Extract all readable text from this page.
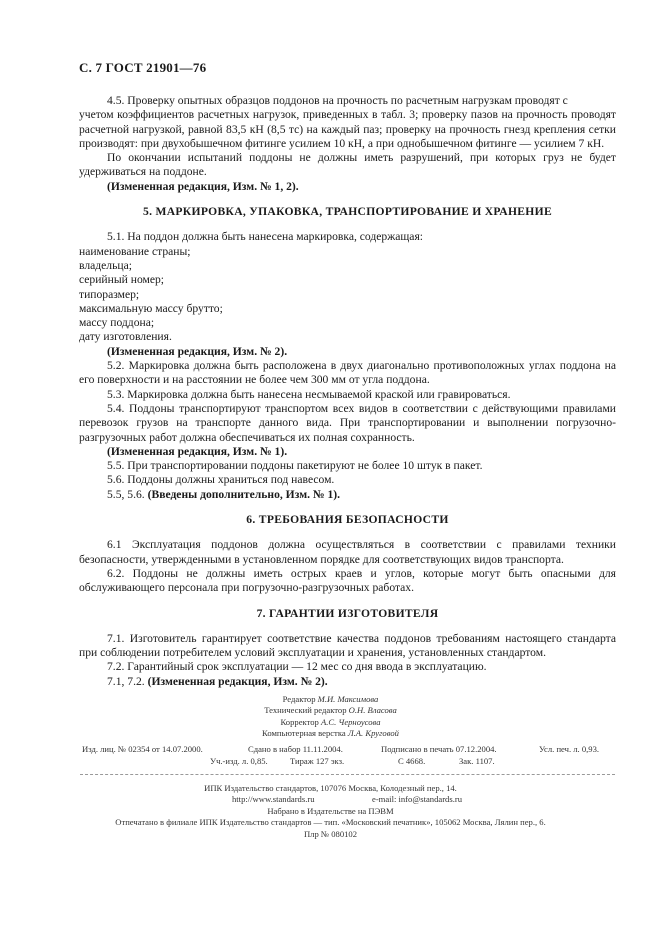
С. 7 ГОСТ 21901—76

4.5. Проверку опытных образцов поддонов на прочность по расчетным нагрузкам проводят с

учетом коэффициентов расчетных нагрузок, приведенных в табл. 3; проверку пазов на прочность проводят расчетной нагрузкой, равной 83,5 кН (8,5 тс) на каждый паз; проверку на прочность гнезд крепления сетки производят: при двухобышечном фитинге усилием 10 кН, а при однобышечном фитинге — усилием 7 кН.

По окончании испытаний поддоны не должны иметь разрушений, при которых груз не будет удерживаться на поддоне.

(Измененная редакция, Изм. № 1, 2).

5. МАРКИРОВКА, УПАКОВКА, ТРАНСПОРТИРОВАНИЕ И ХРАНЕНИЕ

5.1. На поддон должна быть нанесена маркировка, содержащая:

наименование страны;

владельца;

серийный номер;

типоразмер;

максимальную массу брутто;

массу поддона;

дату изготовления.

(Измененная редакция, Изм. № 2).

5.2. Маркировка должна быть расположена в двух диагонально противоположных углах поддона на его поверхности и на расстоянии не более чем 300 мм от угла поддона.

5.3. Маркировка должна быть нанесена несмываемой краской или гравироваться.

5.4. Поддоны транспортируют транспортом всех видов в соответствии с действующими правилами перевозок грузов на транспорте данного вида. При транспортировании и выполнении погрузочно-разгрузочных работ должна обеспечиваться их полная сохранность.

(Измененная редакция, Изм. № 1).

5.5. При транспортировании поддоны пакетируют не более 10 штук в пакет.

5.6. Поддоны должны храниться под навесом.

5.5, 5.6. (Введены дополнительно, Изм. № 1).

6. ТРЕБОВАНИЯ БЕЗОПАСНОСТИ

6.1 Эксплуатация поддонов должна осуществляться в соответствии с правилами техники безопасности, утвержденными в установленном порядке для соответствующих видов транспорта.

6.2. Поддоны не должны иметь острых краев и углов, которые могут быть опасными для обслуживающего персонала при погрузочно-разгрузочных работах.

7. ГАРАНТИИ ИЗГОТОВИТЕЛЯ

7.1. Изготовитель гарантирует соответствие качества поддонов требованиям настоящего стандарта при соблюдении потребителем условий эксплуатации и хранения, установленных стандартом.

7.2. Гарантийный срок эксплуатации — 12 мес со дня ввода в эксплуатацию.

7.1, 7.2. (Измененная редакция, Изм. № 2).

Редактор М.И. Максимова
Технический редактор О.Н. Власова
Корректор А.С. Черноусова
Компьютерная верстка Л.А. Круговой
Изд. лиц. № 02354 от 14.07.2000.	Сдано в набор 11.11.2004.	Подписано в печать 07.12.2004.	Усл. печ. л. 0,93.
Уч.-изд. л. 0,85.	Тираж 127 экз.	С 4668.	Зак. 1107.
ИПК Издательство стандартов, 107076 Москва, Колодезный пер., 14.
http://www.standards.ru	e-mail: info@standards.ru
Набрано в Издательстве на ПЭВМ
Отпечатано в филиале ИПК Издательство стандартов — тип. «Московский печатник», 105062 Москва, Лялин пер., 6.
Плр № 080102
